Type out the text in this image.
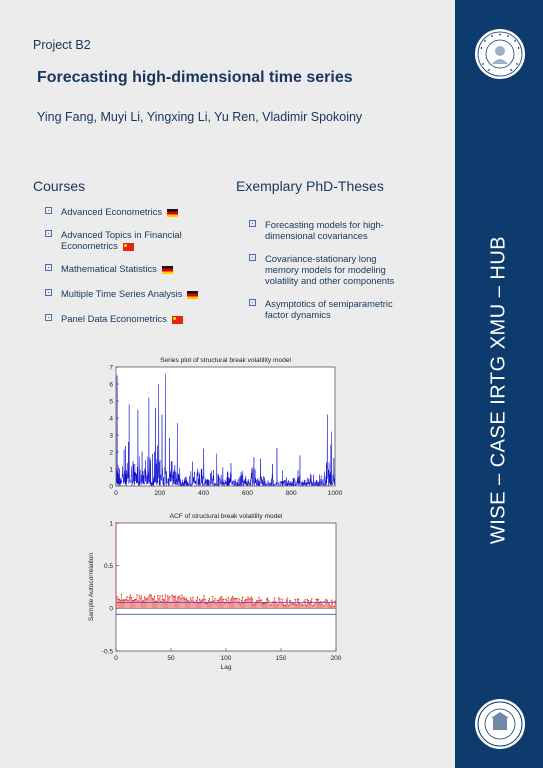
Project B2
Forecasting high-dimensional time series
Ying Fang, Muyi Li, Yingxing Li, Yu Ren, Vladimir Spokoiny
Courses
Advanced Econometrics
Advanced Topics in Financial Econometrics
Mathematical Statistics
Multiple Time Series Analysis
Panel Data Econometrics
Exemplary PhD-Theses
Forecasting models for high-dimensional covariances
Covariance-stationary long memory models for modeling volatility and other components
Asymptotics of semiparametric factor dynamics
Series plot of structural break volatility model
0
1
2
3
4
5
6
7
0	200	400	600	800	1000
ACF of structural break volatility model
-0.5
0
0.5
1
0	50	100	150	200
Lag
Sample Autocorrelation
WISE – CASE IRTG XMU – HUB
